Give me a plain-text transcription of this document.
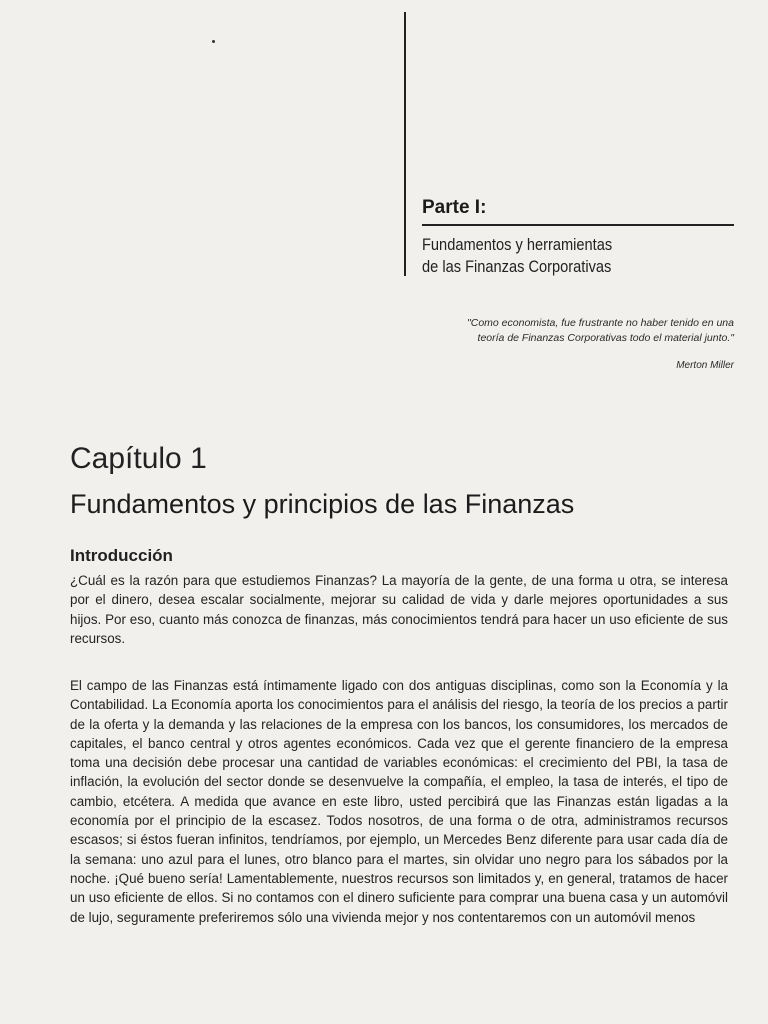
Parte I:
Fundamentos y herramientas
de las Finanzas Corporativas
"Como economista, fue frustrante no haber tenido en una
teoría de Finanzas Corporativas todo el material junto."
Merton Miller
Capítulo 1
Fundamentos y principios de las Finanzas
Introducción

¿Cuál es la razón para que estudiemos Finanzas? La mayoría de la gente, de una forma u otra, se interesa por el dinero, desea escalar socialmente, mejorar su calidad de vida y darle mejores oportunidades a sus hijos. Por eso, cuanto más conozca de finanzas, más conocimientos tendrá para hacer un uso eficiente de sus recursos.

El campo de las Finanzas está íntimamente ligado con dos antiguas disciplinas, como son la Economía y la Contabilidad. La Economía aporta los conocimientos para el análisis del riesgo, la teoría de los precios a partir de la oferta y la demanda y las relaciones de la empresa con los bancos, los consumidores, los mercados de capitales, el banco central y otros agentes económicos. Cada vez que el gerente financiero de la empresa toma una decisión debe procesar una cantidad de variables económicas: el crecimiento del PBI, la tasa de inflación, la evolución del sector donde se desenvuelve la compañía, el empleo, la tasa de interés, el tipo de cambio, etcétera. A medida que avance en este libro, usted percibirá que las Finanzas están ligadas a la economía por el principio de la escasez. Todos nosotros, de una forma o de otra, administramos recursos escasos; si éstos fueran infinitos, tendríamos, por ejemplo, un Mercedes Benz diferente para usar cada día de la semana: uno azul para el lunes, otro blanco para el martes, sin olvidar uno negro para los sábados por la noche. ¡Qué bueno sería! Lamentablemente, nuestros recursos son limitados y, en general, tratamos de hacer un uso eficiente de ellos. Si no contamos con el dinero suficiente para comprar una buena casa y un automóvil de lujo, seguramente preferiremos sólo una vivienda mejor y nos contentaremos con un automóvil menos
